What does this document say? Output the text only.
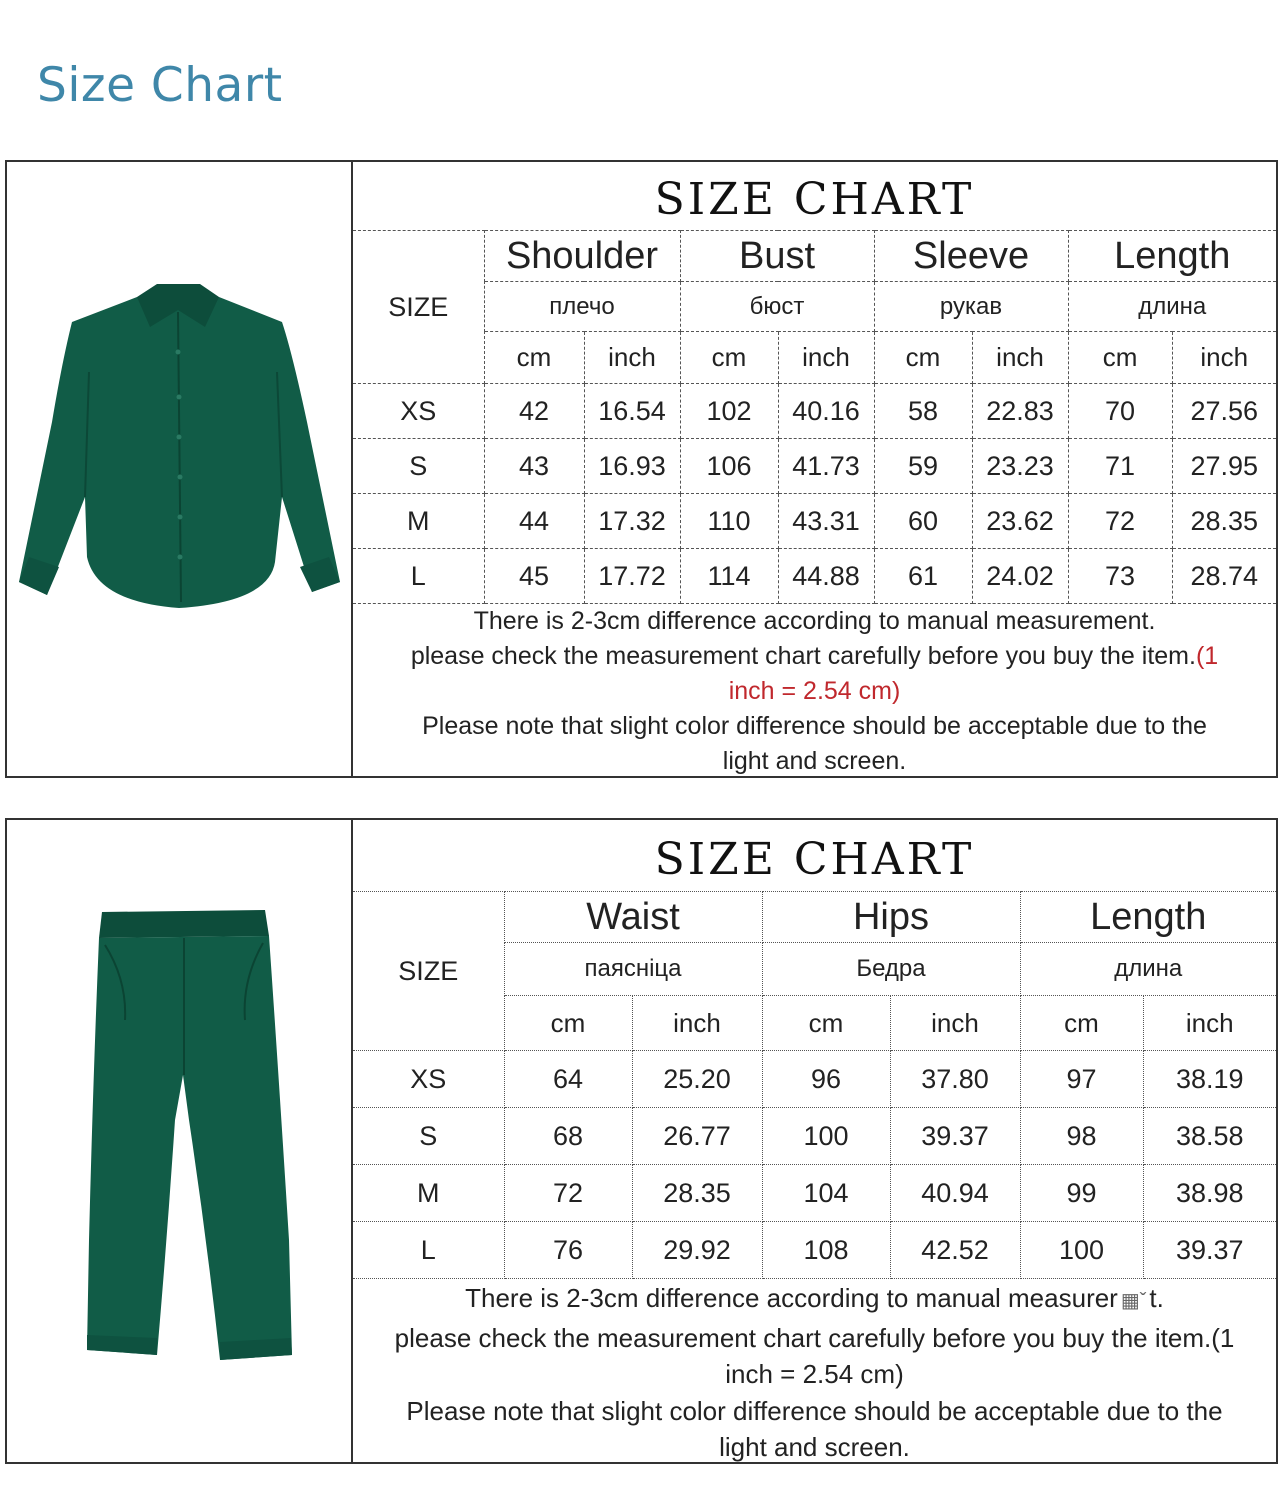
Size Chart
SIZE CHART
SIZE	Shoulder		Bust		Sleeve		Length	
	плечо		бюст		рукав		длина	
	cm	inch	cm	inch	cm	inch	cm	inch
XS	42	16.54	102	40.16	58	22.83	70	27.56
S	43	16.93	106	41.73	59	23.23	71	27.95
M	44	17.32	110	43.31	60	23.62	72	28.35
L	45	17.72	114	44.88	61	24.02	73	28.74
There is 2-3cm difference according to manual measurement.
please check the measurement chart carefully before you buy the item.(1
inch = 2.54 cm)
Please note that slight color difference should be acceptable due to the
light and screen.
SIZE CHART
SIZE	Waist		Hips		Length	
	паясніца		Бедра		длина	
	cm	inch	cm	inch	cm	inch
XS	64	25.20	96	37.80	97	38.19
S	68	26.77	100	39.37	98	38.58
M	72	28.35	104	40.94	99	38.98
L	76	29.92	108	42.52	100	39.37
There is 2-3cm difference according to manual measurer ▦ˇ t.
please check the measurement chart carefully before you buy the item.(1
inch = 2.54 cm)
Please note that slight color difference should be acceptable due to the
light and screen.
